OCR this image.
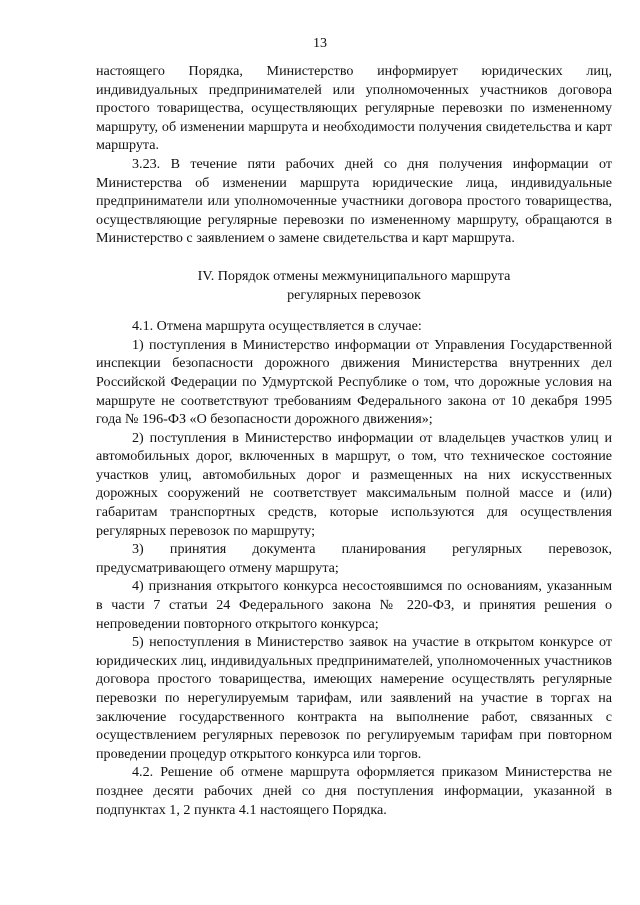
13

настоящего Порядка, Министерство информирует юридических лиц, индивидуальных предпринимателей или уполномоченных участников договора простого товарищества, осуществляющих регулярные перевозки по измененному маршруту, об изменении маршрута и необходимости получения свидетельства и карт маршрута.

3.23. В течение пяти рабочих дней со дня получения информации от Министерства об изменении маршрута юридические лица, индивидуальные предприниматели или уполномоченные участники договора простого товарищества, осуществляющие регулярные перевозки по измененному маршруту, обращаются в Министерство с заявлением о замене свидетельства и карт маршрута.

IV. Порядок отмены межмуниципального маршрута

регулярных перевозок

4.1. Отмена маршрута осуществляется в случае:

1) поступления в Министерство информации от Управления Государственной инспекции безопасности дорожного движения Министерства внутренних дел Российской Федерации по Удмуртской Республике о том, что дорожные условия на маршруте не соответствуют требованиям Федерального закона от 10 декабря 1995 года № 196-ФЗ «О безопасности дорожного движения»;

2) поступления в Министерство информации от владельцев участков улиц и автомобильных дорог, включенных в маршрут, о том, что техническое состояние участков улиц, автомобильных дорог и размещенных на них искусственных дорожных сооружений не соответствует максимальным полной массе и (или) габаритам транспортных средств, которые используются для осуществления регулярных перевозок по маршруту;

3) принятия документа планирования регулярных перевозок, предусматривающего отмену маршрута;

4) признания открытого конкурса несостоявшимся по основаниям, указанным в части 7 статьи 24 Федерального закона № 220-ФЗ, и принятия решения о непроведении повторного открытого конкурса;

5) непоступления в Министерство заявок на участие в открытом конкурсе от юридических лиц, индивидуальных предпринимателей, уполномоченных участников договора простого товарищества, имеющих намерение осуществлять регулярные перевозки по нерегулируемым тарифам, или заявлений на участие в торгах на заключение государственного контракта на выполнение работ, связанных с осуществлением регулярных перевозок по регулируемым тарифам при повторном проведении процедур открытого конкурса или торгов.

4.2. Решение об отмене маршрута оформляется приказом Министерства не позднее десяти рабочих дней со дня поступления информации, указанной в подпунктах 1, 2 пункта 4.1 настоящего Порядка.
